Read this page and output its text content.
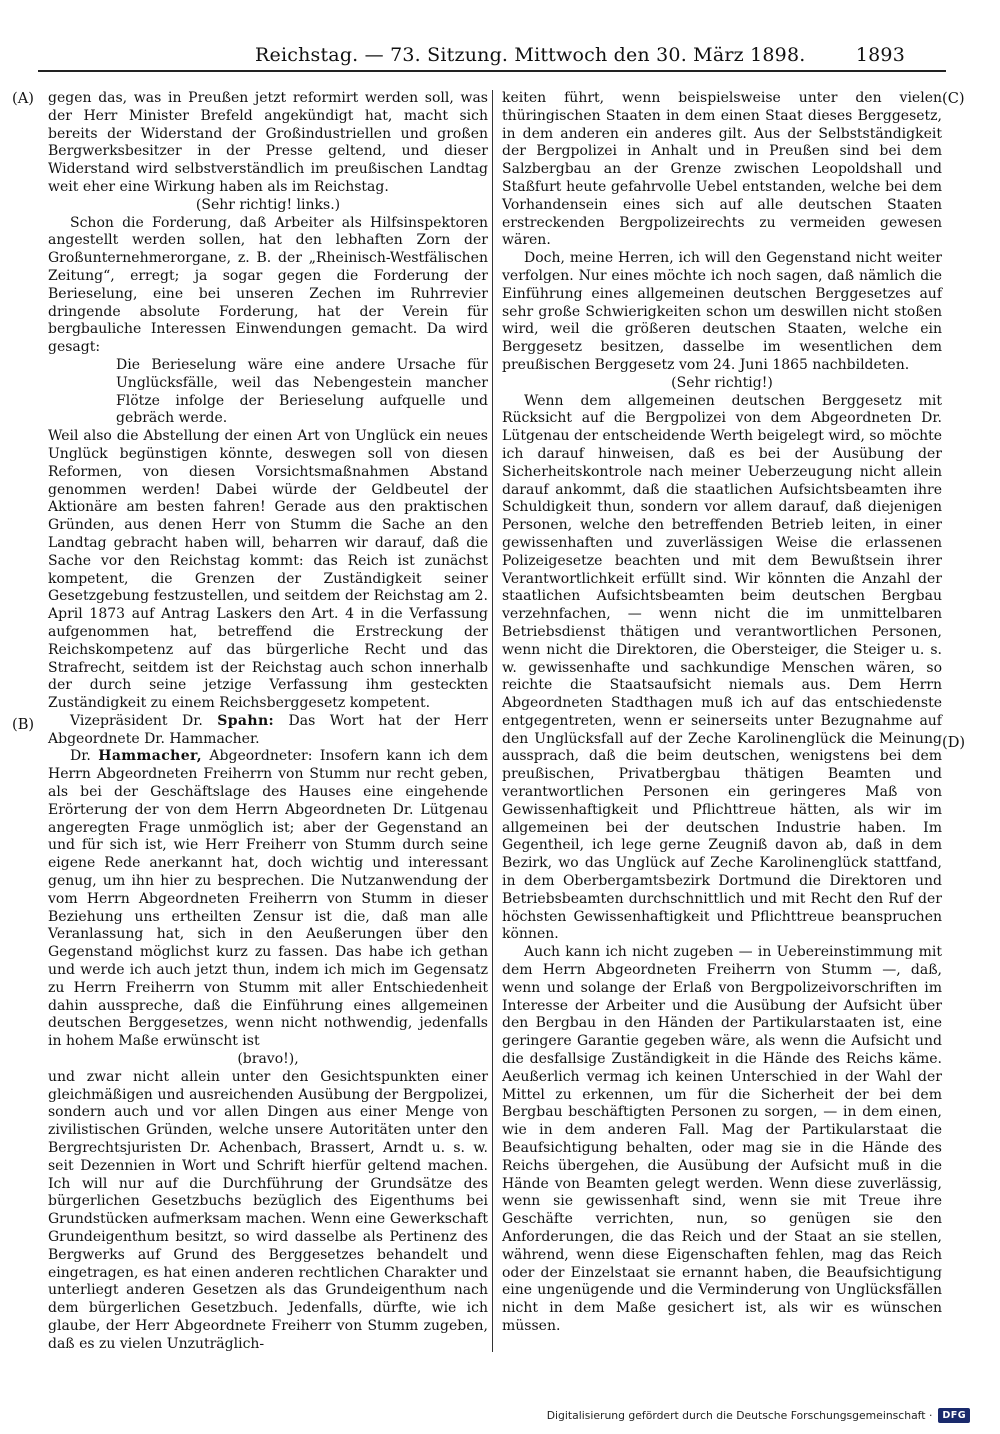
Reichstag. — 73. Sitzung. Mittwoch den 30. März 1898.	1893
(A)
(B)
(C)
(D)

gegen das, was in Preußen jetzt reformirt werden soll, was der Herr Minister Brefeld angekündigt hat, macht sich bereits der Widerstand der Großindustriellen und großen Bergwerksbesitzer in der Presse geltend, und dieser Widerstand wird selbstverständlich im preußischen Landtag weit eher eine Wirkung haben als im Reichstag.

(Sehr richtig! links.)

Schon die Forderung, daß Arbeiter als Hilfsinspektoren angestellt werden sollen, hat den lebhaften Zorn der Großunternehmerorgane, z. B. der „Rheinisch-Westfälischen Zeitung“, erregt; ja sogar gegen die Forderung der Berieselung, eine bei unseren Zechen im Ruhrrevier dringende absolute Forderung, hat der Verein für bergbauliche Interessen Einwendungen gemacht. Da wird gesagt:

Die Berieselung wäre eine andere Ursache für Unglücksfälle, weil das Nebengestein mancher Flötze infolge der Berieselung aufquelle und gebräch werde.

Weil also die Abstellung der einen Art von Unglück ein neues Unglück begünstigen könnte, deswegen soll von diesen Reformen, von diesen Vorsichtsmaßnahmen Abstand genommen werden! Dabei würde der Geldbeutel der Aktionäre am besten fahren! Gerade aus den praktischen Gründen, aus denen Herr von Stumm die Sache an den Landtag gebracht haben will, beharren wir darauf, daß die Sache vor den Reichstag kommt: das Reich ist zunächst kompetent, die Grenzen der Zuständigkeit seiner Gesetzgebung festzustellen, und seitdem der Reichstag am 2. April 1873 auf Antrag Laskers den Art. 4 in die Verfassung aufgenommen hat, betreffend die Erstreckung der Reichskompetenz auf das bürgerliche Recht und das Strafrecht, seitdem ist der Reichstag auch schon innerhalb der durch seine jetzige Verfassung ihm gesteckten Zuständigkeit zu einem Reichsberggesetz kompetent.

Vizepräsident Dr. Spahn: Das Wort hat der Herr Abgeordnete Dr. Hammacher.

Dr. Hammacher, Abgeordneter: Insofern kann ich dem Herrn Abgeordneten Freiherrn von Stumm nur recht geben, als bei der Geschäftslage des Hauses eine eingehende Erörterung der von dem Herrn Abgeordneten Dr. Lütgenau angeregten Frage unmöglich ist; aber der Gegenstand an und für sich ist, wie Herr Freiherr von Stumm durch seine eigene Rede anerkannt hat, doch wichtig und interessant genug, um ihn hier zu besprechen. Die Nutzanwendung der vom Herrn Abgeordneten Freiherrn von Stumm in dieser Beziehung uns ertheilten Zensur ist die, daß man alle Veranlassung hat, sich in den Aeußerungen über den Gegenstand möglichst kurz zu fassen. Das habe ich gethan und werde ich auch jetzt thun, indem ich mich im Gegensatz zu Herrn Freiherrn von Stumm mit aller Entschiedenheit dahin ausspreche, daß die Einführung eines allgemeinen deutschen Berggesetzes, wenn nicht nothwendig, jedenfalls in hohem Maße erwünscht ist

(bravo!),

und zwar nicht allein unter den Gesichtspunkten einer gleichmäßigen und ausreichenden Ausübung der Bergpolizei, sondern auch und vor allen Dingen aus einer Menge von zivilistischen Gründen, welche unsere Autoritäten unter den Bergrechtsjuristen Dr. Achenbach, Brassert, Arndt u. s. w. seit Dezennien in Wort und Schrift hierfür geltend machen. Ich will nur auf die Durchführung der Grundsätze des bürgerlichen Gesetzbuchs bezüglich des Eigenthums bei Grundstücken aufmerksam machen. Wenn eine Gewerkschaft Grundeigenthum besitzt, so wird dasselbe als Pertinenz des Bergwerks auf Grund des Berggesetzes behandelt und eingetragen, es hat einen anderen rechtlichen Charakter und unterliegt anderen Gesetzen als das Grundeigenthum nach dem bürgerlichen Gesetzbuch. Jedenfalls, dürfte, wie ich glaube, der Herr Abgeordnete Freiherr von Stumm zugeben, daß es zu vielen Unzuträglich-

keiten führt, wenn beispielsweise unter den vielen thüringischen Staaten in dem einen Staat dieses Berggesetz, in dem anderen ein anderes gilt. Aus der Selbstständigkeit der Bergpolizei in Anhalt und in Preußen sind bei dem Salzbergbau an der Grenze zwischen Leopoldshall und Staßfurt heute gefahrvolle Uebel entstanden, welche bei dem Vorhandensein eines sich auf alle deutschen Staaten erstreckenden Bergpolizeirechts zu vermeiden gewesen wären.

Doch, meine Herren, ich will den Gegenstand nicht weiter verfolgen. Nur eines möchte ich noch sagen, daß nämlich die Einführung eines allgemeinen deutschen Berggesetzes auf sehr große Schwierigkeiten schon um deswillen nicht stoßen wird, weil die größeren deutschen Staaten, welche ein Berggesetz besitzen, dasselbe im wesentlichen dem preußischen Berggesetz vom 24. Juni 1865 nachbildeten.

(Sehr richtig!)

Wenn dem allgemeinen deutschen Berggesetz mit Rücksicht auf die Bergpolizei von dem Abgeordneten Dr. Lütgenau der entscheidende Werth beigelegt wird, so möchte ich darauf hinweisen, daß es bei der Ausübung der Sicherheitskontrole nach meiner Ueberzeugung nicht allein darauf ankommt, daß die staatlichen Aufsichtsbeamten ihre Schuldigkeit thun, sondern vor allem darauf, daß diejenigen Personen, welche den betreffenden Betrieb leiten, in einer gewissenhaften und zuverlässigen Weise die erlassenen Polizeigesetze beachten und mit dem Bewußtsein ihrer Verantwortlichkeit erfüllt sind. Wir könnten die Anzahl der staatlichen Aufsichtsbeamten beim deutschen Bergbau verzehnfachen, — wenn nicht die im unmittelbaren Betriebsdienst thätigen und verantwortlichen Personen, wenn nicht die Direktoren, die Obersteiger, die Steiger u. s. w. gewissenhafte und sachkundige Menschen wären, so reichte die Staatsaufsicht niemals aus. Dem Herrn Abgeordneten Stadthagen muß ich auf das entschiedenste entgegentreten, wenn er seinerseits unter Bezugnahme auf den Unglücksfall auf der Zeche Karolinenglück die Meinung aussprach, daß die beim deutschen, wenigstens bei dem preußischen, Privatbergbau thätigen Beamten und verantwortlichen Personen ein geringeres Maß von Gewissenhaftigkeit und Pflichttreue hätten, als wir im allgemeinen bei der deutschen Industrie haben. Im Gegentheil, ich lege gerne Zeugniß davon ab, daß in dem Bezirk, wo das Unglück auf Zeche Karolinenglück stattfand, in dem Oberbergamtsbezirk Dortmund die Direktoren und Betriebsbeamten durchschnittlich und mit Recht den Ruf der höchsten Gewissenhaftigkeit und Pflichttreue beanspruchen können.

Auch kann ich nicht zugeben — in Uebereinstimmung mit dem Herrn Abgeordneten Freiherrn von Stumm —, daß, wenn und solange der Erlaß von Bergpolizeivorschriften im Interesse der Arbeiter und die Ausübung der Aufsicht über den Bergbau in den Händen der Partikularstaaten ist, eine geringere Garantie gegeben wäre, als wenn die Aufsicht und die desfallsige Zuständigkeit in die Hände des Reichs käme. Aeußerlich vermag ich keinen Unterschied in der Wahl der Mittel zu erkennen, um für die Sicherheit der bei dem Bergbau beschäftigten Personen zu sorgen, — in dem einen, wie in dem anderen Fall. Mag der Partikularstaat die Beaufsichtigung behalten, oder mag sie in die Hände des Reichs übergehen, die Ausübung der Aufsicht muß in die Hände von Beamten gelegt werden. Wenn diese zuverlässig, wenn sie gewissenhaft sind, wenn sie mit Treue ihre Geschäfte verrichten, nun, so genügen sie den Anforderungen, die das Reich und der Staat an sie stellen, während, wenn diese Eigenschaften fehlen, mag das Reich oder der Einzelstaat sie ernannt haben, die Beaufsichtigung eine ungenügende und die Verminderung von Unglücksfällen nicht in dem Maße gesichert ist, als wir es wünschen müssen.

Digitalisierung gefördert durch die Deutsche Forschungsgemeinschaft ·	DFG
